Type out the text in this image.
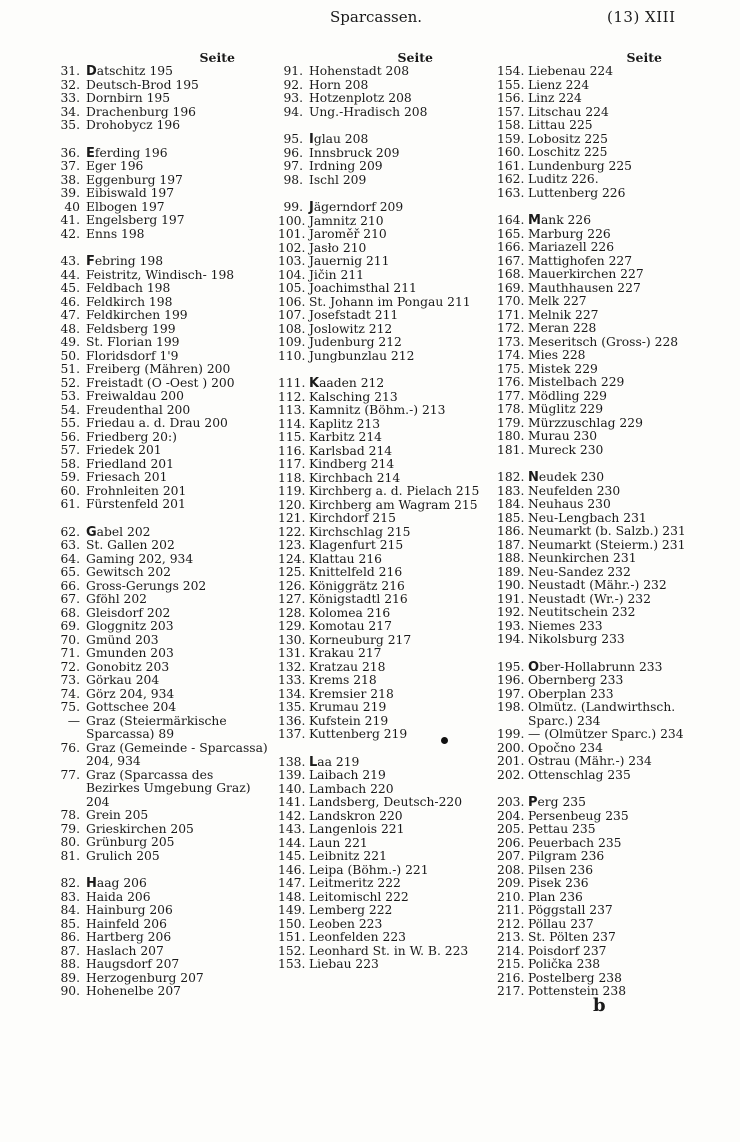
Sparcassen.	(13) XIII
Seite
31. Datschitz 195
32. Deutsch-Brod 195
33. Dornbirn 195
34. Drachenburg 196
35. Drohobycz 196
36. Eferding 196
37. Eger 196
38. Eggenburg 197
39. Eibiswald 197
40 Elbogen 197
41. Engelsberg 197
42. Enns 198
43. Febring 198
44. Feistritz, Windisch- 198
45. Feldbach 198
46. Feldkirch 198
47. Feldkirchen 199
48. Feldsberg 199
49. St. Florian 199
50. Floridsdorf 1'9
51. Freiberg (Mähren) 200
52. Freistadt (O -Oest ) 200
53. Freiwaldau 200
54. Freudenthal 200
55. Friedau a. d. Drau 200
56. Friedberg 20:)
57. Friedek 201
58. Friedland 201
59. Friesach 201
60. Frohnleiten 201
61. Fürstenfeld 201
62. Gabel 202
63. St. Gallen 202
64. Gaming 202, 934
65. Gewitsch 202
66. Gross-Gerungs 202
67. Gföhl 202
68. Gleisdorf 202
69. Gloggnitz 203
70. Gmünd 203
71. Gmunden 203
72. Gonobitz 203
73. Görkau 204
74. Görz 204, 934
75. Gottschee 204
— Graz (Steiermärkische Sparcassa) 89
76. Graz (Gemeinde - Sparcassa) 204, 934
77. Graz (Sparcassa des Bezirkes Umgebung Graz) 204
78. Grein 205
79. Grieskirchen 205
80. Grünburg 205
81. Grulich 205
82. Haag 206
83. Haida 206
84. Hainburg 206
85. Hainfeld 206
86. Hartberg 206
87. Haslach 207
88. Haugsdorf 207
89. Herzogenburg 207
90. Hohenelbe 207
Seite
91. Hohenstadt 208
92. Horn 208
93. Hotzenplotz 208
94. Ung.-Hradisch 208
95. Iglau 208
96. Innsbruck 209
97. Irdning 209
98. Ischl 209
99. Jägerndorf 209
100. Jamnitz 210
101. Jaroměř 210
102. Jasło 210
103. Jauernig 211
104. Jičin 211
105. Joachimsthal 211
106. St. Johann im Pongau 211
107. Josefstadt 211
108. Joslowitz 212
109. Judenburg 212
110. Jungbunzlau 212
111. Kaaden 212
112. Kalsching 213
113. Kamnitz (Böhm.-) 213
114. Kaplitz 213
115. Karbitz 214
116. Karlsbad 214
117. Kindberg 214
118. Kirchbach 214
119. Kirchberg a. d. Pielach 215
120. Kirchberg am Wagram 215
121. Kirchdorf 215
122. Kirchschlag 215
123. Klagenfurt 215
124. Klattau 216
125. Knittelfeld 216
126. Königgrätz 216
127. Königstadtl 216
128. Kolomea 216
129. Komotau 217
130. Korneuburg 217
131. Krakau 217
132. Kratzau 218
133. Krems 218
134. Kremsier 218
135. Krumau 219
136. Kufstein 219
137. Kuttenberg 219
138. Laa 219
139. Laibach 219
140. Lambach 220
141. Landsberg, Deutsch-220
142. Landskron 220
143. Langenlois 221
144. Laun 221
145. Leibnitz 221
146. Leipa (Böhm.-) 221
147. Leitmeritz 222
148. Leitomischl 222
149. Lemberg 222
150. Leoben 223
151. Leonfelden 223
152. Leonhard St. in W. B. 223
153. Liebau 223
Seite
154. Liebenau 224
155. Lienz 224
156. Linz 224
157. Litschau 224
158. Littau 225
159. Lobositz 225
160. Loschitz 225
161. Lundenburg 225
162. Luditz 226.
163. Luttenberg 226
164. Mank 226
165. Marburg 226
166. Mariazell 226
167. Mattighofen 227
168. Mauerkirchen 227
169. Mauthhausen 227
170. Melk 227
171. Melnik 227
172. Meran 228
173. Meseritsch (Gross-) 228
174. Mies 228
175. Mistek 229
176. Mistelbach 229
177. Mödling 229
178. Müglitz 229
179. Mürzzuschlag 229
180. Murau 230
181. Mureck 230
182. Neudek 230
183. Neufelden 230
184. Neuhaus 230
185. Neu-Lengbach 231
186. Neumarkt (b. Salzb.) 231
187. Neumarkt (Steierm.) 231
188. Neunkirchen 231
189. Neu-Sandez 232
190. Neustadt (Mähr.-) 232
191. Neustadt (Wr.-) 232
192. Neutitschein 232
193. Niemes 233
194. Nikolsburg 233
195. Ober-Hollabrunn 233
196. Obernberg 233
197. Oberplan 233
198. Olmütz. (Landwirthsch. Sparc.) 234
199. — (Olmützer Sparc.) 234
200. Opočno 234
201. Ostrau (Mähr.-) 234
202. Ottenschlag 235
203. Perg 235
204. Persenbeug 235
205. Pettau 235
206. Peuerbach 235
207. Pilgram 236
208. Pilsen 236
209. Pisek 236
210. Plan 236
211. Pöggstall 237
212. Pöllau 237
213. St. Pölten 237
214. Poisdorf 237
215. Polička 238
216. Postelberg 238
217. Pottenstein 238
b
